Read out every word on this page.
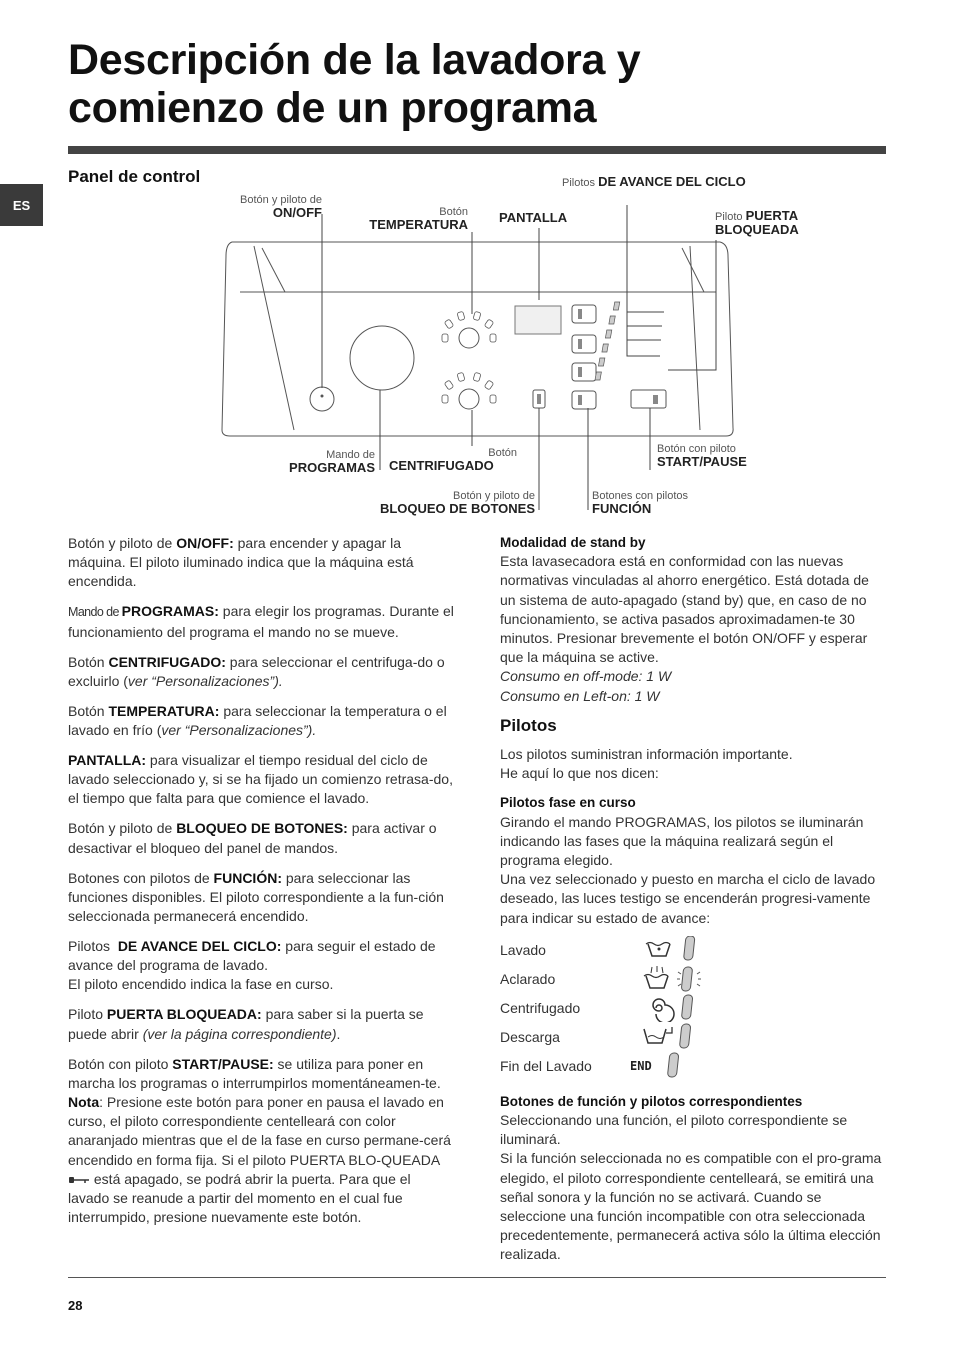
Descripción de la lavadora y
comienzo de un programa
ES
Panel de control
Botón y piloto de
ON/OFF	Botón
TEMPERATURA PANTALLA
Pilotos DE AVANCE DEL CICLO
Piloto PUERTA
BLOQUEADA
Mando de
PROGRAMAS
Botón
CENTRIFUGADO
Botón con piloto
START/PAUSE
Botón y piloto de
BLOQUEO DE BOTONES
Botones con pilotos
FUNCIÓN

Botón y piloto de ON/OFF: para encender y apagar la máquina. El piloto iluminado indica que la máquina está encendida.

Mando de PROGRAMAS: para elegir los programas. Durante el funcionamiento del programa el mando no se mueve.

Botón CENTRIFUGADO: para seleccionar el centrifuga-do o excluirlo (ver “Personalizaciones”).

Botón TEMPERATURA: para seleccionar la temperatura o el lavado en frío (ver “Personalizaciones”).

PANTALLA: para visualizar el tiempo residual del ciclo de lavado seleccionado y, si se ha fijado un comienzo retrasa-do, el tiempo que falta para que comience el lavado.

Botón y piloto de BLOQUEO DE BOTONES: para activar o desactivar el bloqueo del panel de mandos.

Botones con pilotos de FUNCIÓN: para seleccionar las funciones disponibles. El piloto correspondiente a la fun-ción seleccionada permanecerá encendido.

Pilotos  DE AVANCE DEL CICLO: para seguir el estado de avance del programa de lavado.
El piloto encendido indica la fase en curso.

Piloto PUERTA BLOQUEADA: para saber si la puerta se puede abrir (ver la página correspondiente).

Botón con piloto START/PAUSE: se utiliza para poner en marcha los programas o interrumpirlos momentáneamen-te.

Nota: Presione este botón para poner en pausa el lavado en curso, el piloto correspondiente centelleará con color anaranjado mientras que el de la fase en curso permane-cerá encendido en forma fija. Si el piloto PUERTA BLO-QUEADA  está apagado, se podrá abrir la puerta. Para que el lavado se reanude a partir del momento en el cual fue interrumpido, presione nuevamente este botón.

Modalidad de stand by
Esta lavasecadora está en conformidad con las nuevas normativas vinculadas al ahorro energético. Está dotada de un sistema de auto-apagado (stand by) que, en caso de no funcionamiento, se activa pasados aproximadamen-te 30 minutos. Presionar brevemente el botón ON/OFF y esperar que la máquina se active.
Consumo en off-mode: 1 W
Consumo en Left-on: 1 W
Pilotos
Los pilotos suministran información importante.
He aquí lo que nos dicen:
Pilotos fase en curso
Girando el mando PROGRAMAS, los pilotos se iluminarán indicando las fases que la máquina realizará según el programa elegido.
Una vez seleccionado y puesto en marcha el ciclo de lavado deseado, las luces testigo se encenderán progresi-vamente para indicar su estado de avance:
Lavado
Aclarado
Centrifugado
Descarga
Fin del Lavado	END
Botones de función y pilotos correspondientes
Seleccionando una función, el piloto correspondiente se iluminará.
Si la función seleccionada no es compatible con el pro-grama elegido, el piloto correspondiente centelleará, se emitirá una señal sonora y la función no se activará. Cuando se seleccione una función incompatible con otra seleccionada precedentemente, permanecerá activa sólo la última elección realizada.
28
